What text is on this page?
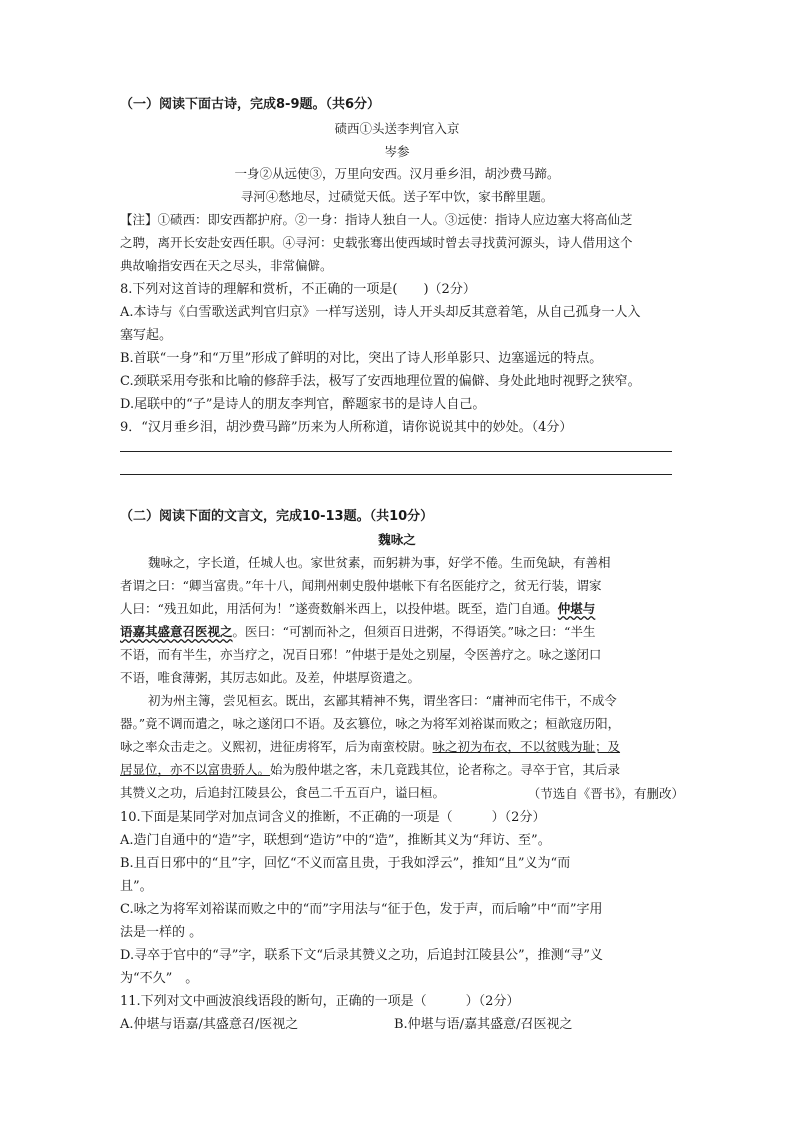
（一）阅读下面古诗，完成8-9题。（共6分）
碛西①头送李判官入京
岑参
一身②从远使③，万里向安西。汉月垂乡泪，胡沙费马蹄。
寻河④愁地尽，过碛觉天低。送子军中饮，家书醉里题。
【注】①碛西：即安西都护府。②一身：指诗人独自一人。③远使：指诗人应边塞大将高仙芝
之聘，离开长安赴安西任职。④寻河：史载张骞出使西域时曾去寻找黄河源头，诗人借用这个
典故喻指安西在天之尽头，非常偏僻。
8.下列对这首诗的理解和赏析，不正确的一项是(　　)（2分）
A.本诗与《白雪歌送武判官归京》一样写送别，诗人开头却反其意着笔，从自己孤身一人入
塞写起。
B.首联“一身”和“万里”形成了鲜明的对比，突出了诗人形单影只、边塞遥远的特点。
C.颈联采用夸张和比喻的修辞手法，极写了安西地理位置的偏僻、身处此地时视野之狭窄。
D.尾联中的“子”是诗人的朋友李判官，醉题家书的是诗人自己。
9．“汉月垂乡泪，胡沙费马蹄”历来为人所称道，请你说说其中的妙处。（4分）
（二）阅读下面的文言文，完成10-13题。（共10分）
魏咏之
魏咏之，字长道，任城人也。家世贫素，而躬耕为事，好学不倦。生而兔缺，有善相
者谓之曰：“卿当富贵。”年十八，闻荆州刺史殷仲堪帐下有名医能疗之，贫无行装，谓家
人曰：“残丑如此，用活何为！”遂赍数斛米西上，以投仲堪。既至，造门自通。仲堪与
语嘉其盛意召医视之。医曰：“可割而补之，但须百日进粥，不得语笑。”咏之曰：“半生
不语，而有半生，亦当疗之，况百日邪！”仲堪于是处之别屋，令医善疗之。咏之遂闭口
不语，唯食薄粥，其厉志如此。及差，仲堪厚资遣之。
初为州主簿，尝见桓玄。既出，玄鄙其精神不隽，谓坐客曰：“庸神而宅伟干，不成令
器。”竟不调而遣之，咏之遂闭口不语。及玄篡位，咏之为将军刘裕谋而败之；桓歆寇历阳，
咏之率众击走之。义熙初，进征虏将军，后为南蛮校尉。咏之初为布衣，不以贫贱为耻；及
居显位，亦不以富贵骄人。始为殷仲堪之客，未几竟践其位，论者称之。寻卒于官，其后录
其赞义之功，后追封江陵县公，食邑二千五百户，谥曰桓。	（节选自《晋书》，有删改）
10.下面是某同学对加点词含义的推断，不正确的一项是（　　　）（2分）
A.造门自通中的“造”字，联想到“造访”中的“造”，推断其义为“拜访、至”。
B.且百日邪中的“且”字，回忆“不义而富且贵，于我如浮云”，推知“且”义为“而
且”。
C.咏之为将军刘裕谋而败之中的“而”字用法与“征于色，发于声，而后喻”中“而”字用
法是一样的 。
D.寻卒于官中的“寻”字，联系下文“后录其赞义之功，后追封江陵县公”，推测“寻”义
为“不久”　。
11.下列对文中画波浪线语段的断句，正确的一项是（　　　）（2分）
A.仲堪与语嘉/其盛意召/医视之	B.仲堪与语/嘉其盛意/召医视之
